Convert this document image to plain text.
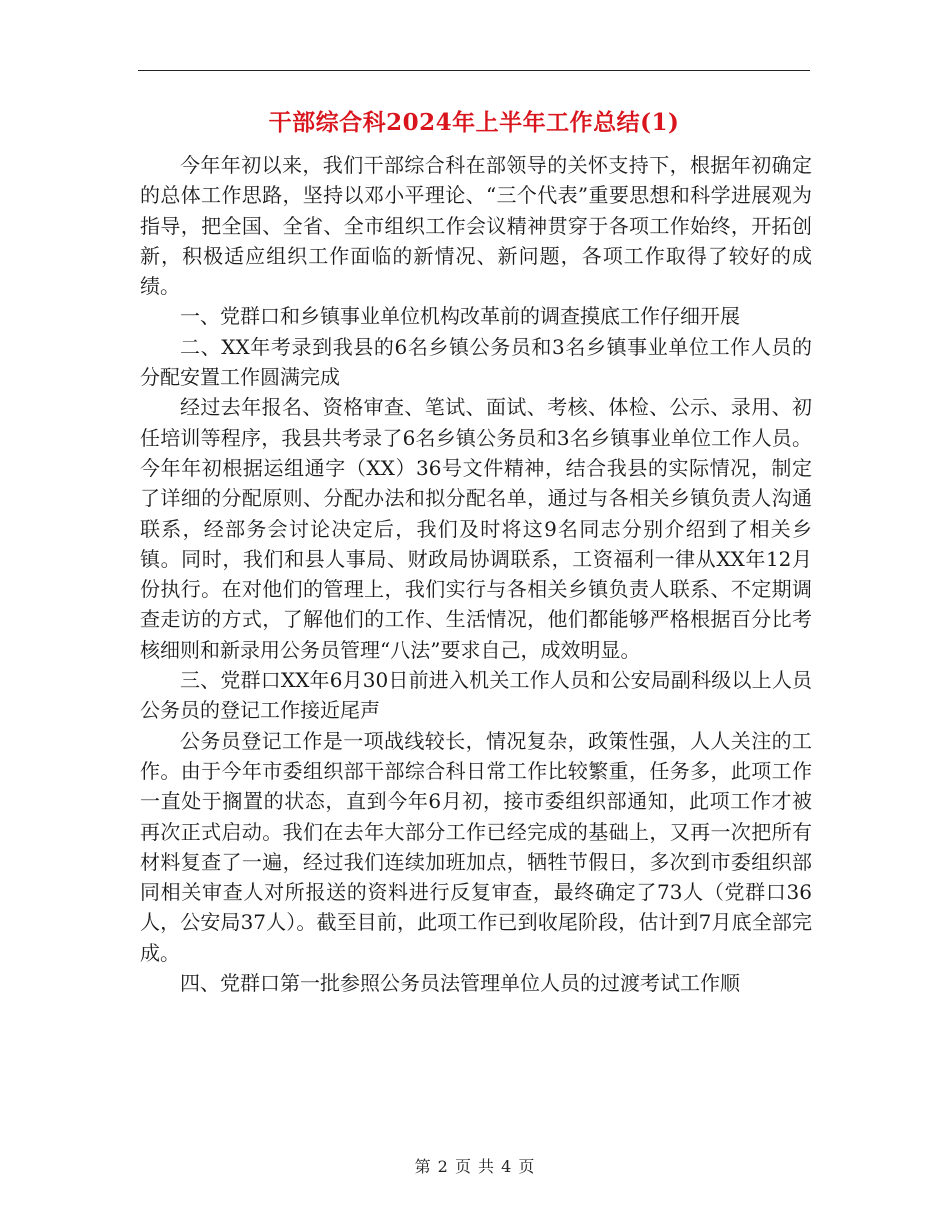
干部综合科2024年上半年工作总结(1)

今年年初以来，我们干部综合科在部领导的关怀支持下，根据年初确定的总体工作思路，坚持以邓小平理论、“三个代表”重要思想和科学进展观为指导，把全国、全省、全市组织工作会议精神贯穿于各项工作始终，开拓创新，积极适应组织工作面临的新情况、新问题，各项工作取得了较好的成绩。

一、党群口和乡镇事业单位机构改革前的调查摸底工作仔细开展

二、XX年考录到我县的6名乡镇公务员和3名乡镇事业单位工作人员的分配安置工作圆满完成

经过去年报名、资格审查、笔试、面试、考核、体检、公示、录用、初任培训等程序，我县共考录了6名乡镇公务员和3名乡镇事业单位工作人员。今年年初根据运组通字（XX）36号文件精神，结合我县的实际情况，制定了详细的分配原则、分配办法和拟分配名单，通过与各相关乡镇负责人沟通联系，经部务会讨论决定后，我们及时将这9名同志分别介绍到了相关乡镇。同时，我们和县人事局、财政局协调联系，工资福利一律从XX年12月份执行。在对他们的管理上，我们实行与各相关乡镇负责人联系、不定期调查走访的方式，了解他们的工作、生活情况，他们都能够严格根据百分比考核细则和新录用公务员管理“八法”要求自己，成效明显。

三、党群口XX年6月30日前进入机关工作人员和公安局副科级以上人员公务员的登记工作接近尾声

公务员登记工作是一项战线较长，情况复杂，政策性强，人人关注的工作。由于今年市委组织部干部综合科日常工作比较繁重，任务多，此项工作一直处于搁置的状态，直到今年6月初，接市委组织部通知，此项工作才被再次正式启动。我们在去年大部分工作已经完成的基础上，又再一次把所有材料复查了一遍，经过我们连续加班加点，牺牲节假日，多次到市委组织部同相关审查人对所报送的资料进行反复审查，最终确定了73人（党群口36人，公安局37人）。截至目前，此项工作已到收尾阶段，估计到7月底全部完成。

四、党群口第一批参照公务员法管理单位人员的过渡考试工作顺

第 2 页 共 4 页
